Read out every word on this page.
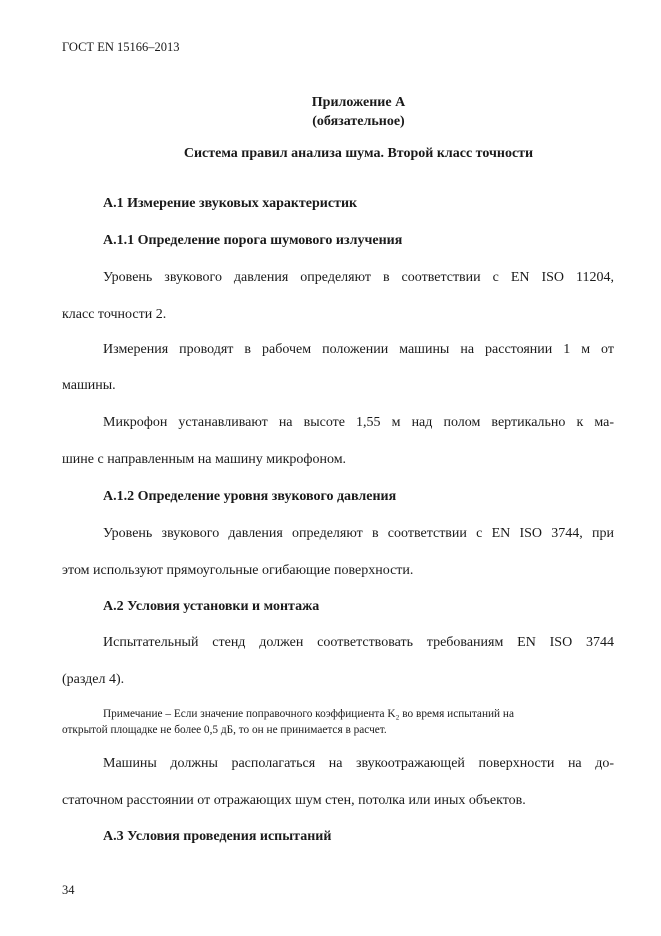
ГОСТ EN 15166–2013
Приложение А
(обязательное)
Система правил анализа шума. Второй класс точности
А.1 Измерение звуковых характеристик
А.1.1 Определение порога шумового излучения
Уровень звукового давления определяют в соответствии с EN ISO 11204,
класс точности 2.
Измерения проводят в рабочем положении машины на расстоянии 1 м от
машины.
Микрофон устанавливают на высоте 1,55 м над полом вертикально к ма-
шине с направленным на машину микрофоном.
А.1.2 Определение уровня звукового давления
Уровень звукового давления определяют в соответствии с EN ISO 3744, при
этом используют прямоугольные огибающие поверхности.
А.2 Условия установки и монтажа
Испытательный стенд должен соответствовать требованиям EN ISO 3744
(раздел 4).
Примечание – Если значение поправочного коэффициента K₂ во время испытаний на
открытой площадке не более 0,5 дБ, то он не принимается в расчет.
Машины должны располагаться на звукоотражающей поверхности на до-
статочном расстоянии от отражающих шум стен, потолка или иных объектов.
А.3 Условия проведения испытаний
34
